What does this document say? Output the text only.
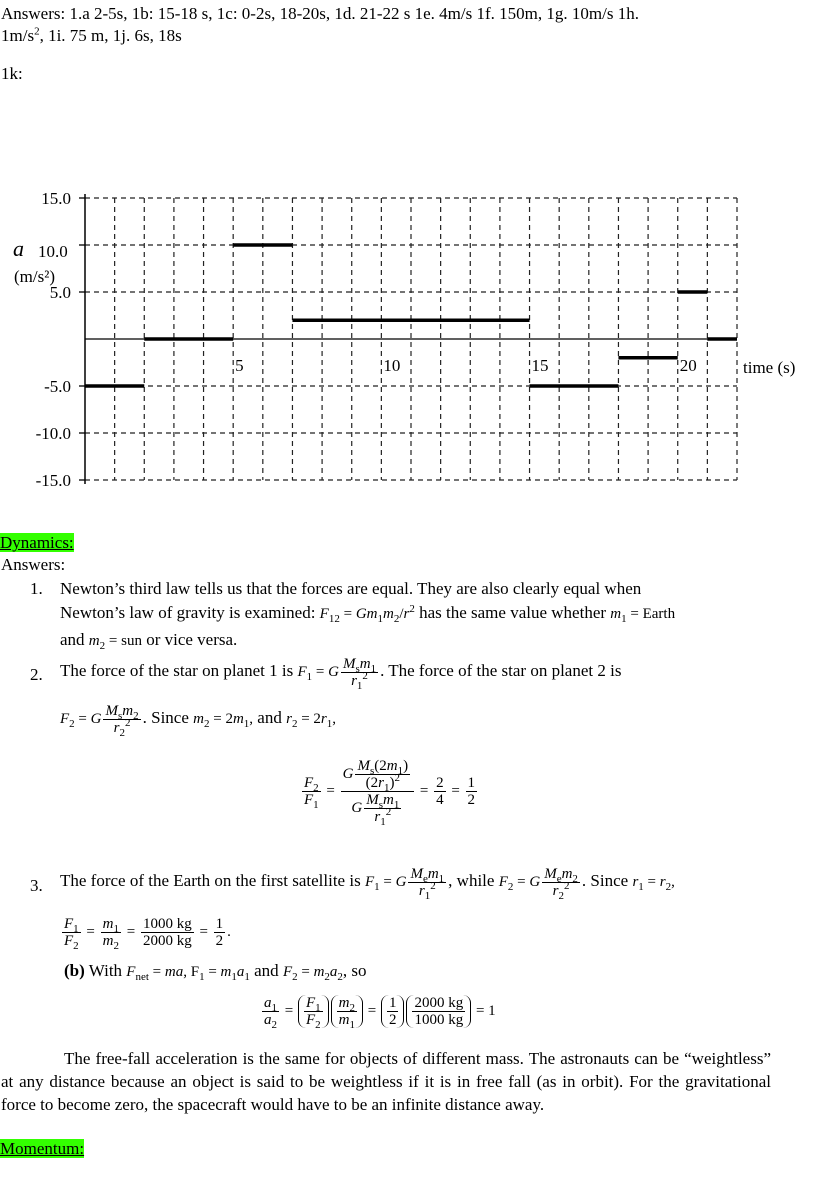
Answers: 1.a 2-5s, 1b: 15-18 s, 1c: 0-2s, 18-20s, 1d. 21-22 s 1e. 4m/s 1f. 150m, 1g. 10m/s 1h.
$1m/s^2$, 1i. 75 m, 1j. 6s, 18s
1k:
15.0
5.0
-5.0
-10.0
-15.0
5	10	15	20
a 10.0
(m/s²)
time (s)
Dynamics:
Answers:
1. Newton’s third law tells us that the forces are equal. They are also clearly equal when
Newton’s law of gravity is examined: $F_{12} = Gm_1m_2/r^2$ has the same value whether $m_1$ = Earth
and $m_2$ = sun or vice versa.
2. The force of the star on planet 1 is $F_1 = G \frac{M_sm_1}{r_1^2}$ . The force of the star on planet 2 is
$F_2 = G \frac{M_sm_2}{r_2^2}$ . Since $m_2 = 2m_1$, and $r_2 = 2r_1$,
$\frac{F_2}{F_1} = \frac{G \frac{M_s(2m_1)}{(2r_1)^2}}{G \frac{M_sm_1}{r_1^2}} = \frac{2}{4} = \frac{1}{2}$
3. The force of the Earth on the first satellite is $F_1 = G \frac{M_em_1}{r_1^2}$ , while $F_2 = G \frac{M_em_2}{r_2^2}$ . Since $r_1 = r_2$,
$\frac{F_1}{F_2} = \frac{m_1}{m_2} = \frac{1000 kg}{2000 kg} = \frac{1}{2}$ .
(b) With $F_{net}$ = ma, $F_1 = m_1a_1$ and $F_2 = m_2a_2$, so
$\frac{a_1}{a_2} = \frac{F_1}{F_2} \frac{m_2}{m_1} = \frac{1}{2} \frac{2000 kg}{1000 kg} = 1$
The free-fall acceleration is the same for objects of different mass. The astronauts can be “weightless” at any distance because an object is said to be weightless if it is in free fall (as in orbit). For the gravitational force to become zero, the spacecraft would have to be an infinite distance away.
Momentum:
